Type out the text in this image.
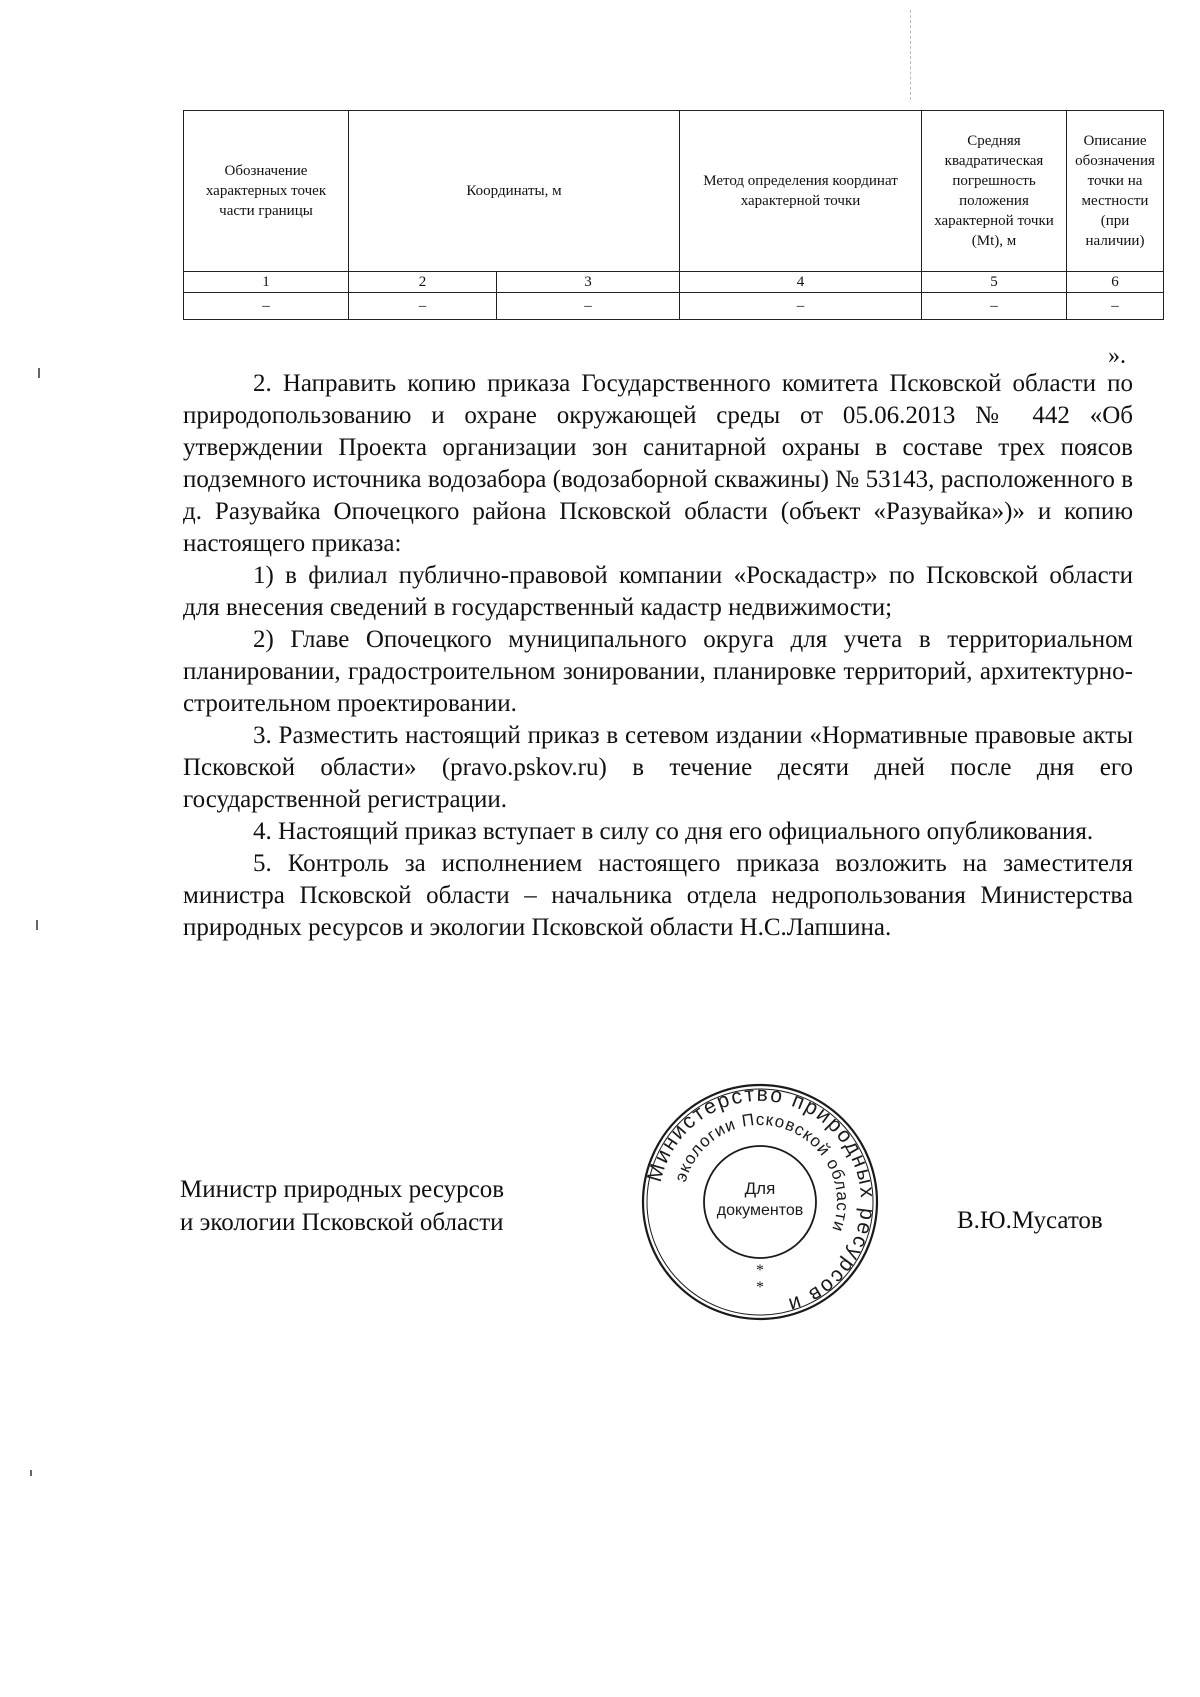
Обозначение характерных точек части границы	Координаты, м		Метод определения координат характерной точки	Средняя квадратическая погрешность положения характерной точки (Mt), м	Описание обозначения точки на местности (при наличии)
1	2	3	4	5	6
–	–	–	–	–	–
».

2. Направить копию приказа Государственного комитета Псковской области по природопользованию и охране окружающей среды от 05.06.2013 № 442 «Об утверждении Проекта организации зон санитарной охраны в составе трех поясов подземного источника водозабора (водозаборной скважины) № 53143, расположенного в д. Разувайка Опочецкого района Псковской области (объект «Разувайка»)» и копию настоящего приказа:

1) в филиал публично-правовой компании «Роскадастр» по Псковской области для внесения сведений в государственный кадастр недвижимости;

2) Главе Опочецкого муниципального округа для учета в территориальном планировании, градостроительном зонировании, планировке территорий, архитектурно-строительном проектировании.

3. Разместить настоящий приказ в сетевом издании «Нормативные правовые акты Псковской области» (pravo.pskov.ru) в течение десяти дней после дня его государственной регистрации.

4. Настоящий приказ вступает в силу со дня его официального опубликования.

5. Контроль за исполнением настоящего приказа возложить на заместителя министра Псковской области – начальника отдела недропользования Министерства природных ресурсов и экологии Псковской области Н.С.Лапшина.

Министр природных ресурсов
и экологии Псковской области
Министерство природных ресурсов и
экологии Псковской области
Для
документов
*
*
В.Ю.Мусатов
